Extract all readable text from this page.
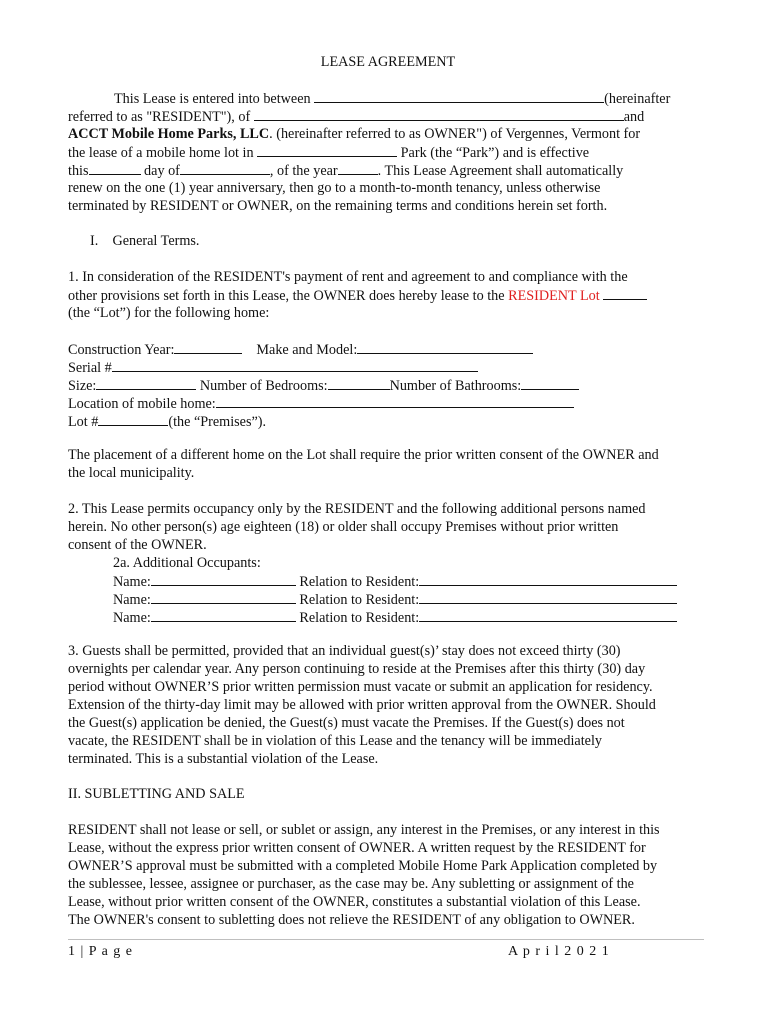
LEASE AGREEMENT
This Lease is entered into between	(hereinafter
referred to as "RESIDENT"), of	and
ACCT Mobile Home Parks, LLC. (hereinafter referred to as OWNER") of Vergennes, Vermont for
the lease of a mobile home lot in	Park (the “Park”) and is effective
this	day of	, of the year	. This Lease Agreement shall automatically
renew on the one (1) year anniversary, then go to a month-to-month tenancy, unless otherwise
terminated by RESIDENT or OWNER, on the remaining terms and conditions herein set forth.
I.    General Terms.
1. In consideration of the RESIDENT's payment of rent and agreement to and compliance with the
other provisions set forth in this Lease, the OWNER does hereby lease to the RESIDENT Lot
(the “Lot”) for the following home:
Construction Year:	Make and Model:
Serial #
Size:	Number of Bedrooms:	Number of Bathrooms:
Location of mobile home:
Lot #	(the “Premises”).
The placement of a different home on the Lot shall require the prior written consent of the OWNER and
the local municipality.
2. This Lease permits occupancy only by the RESIDENT and the following additional persons named
herein. No other person(s) age eighteen (18) or older shall occupy Premises without prior written
consent of the OWNER.
2a. Additional Occupants:
Name:	Relation to Resident:
Name:	Relation to Resident:
Name:	Relation to Resident:
3. Guests shall be permitted, provided that an individual guest(s)’ stay does not exceed thirty (30)
overnights per calendar year. Any person continuing to reside at the Premises after this thirty (30) day
period without OWNER’S prior written permission must vacate or submit an application for residency.
Extension of the thirty-day limit may be allowed with prior written approval from the OWNER. Should
the Guest(s) application be denied, the Guest(s) must vacate the Premises. If the Guest(s) does not
vacate, the RESIDENT shall be in violation of this Lease and the tenancy will be immediately
terminated. This is a substantial violation of the Lease.
II. SUBLETTING AND SALE
RESIDENT shall not lease or sell, or sublet or assign, any interest in the Premises, or any interest in this
Lease, without the express prior written consent of OWNER. A written request by the RESIDENT for
OWNER’S approval must be submitted with a completed Mobile Home Park Application completed by
the sublessee, lessee, assignee or purchaser, as the case may be. Any subletting or assignment of the
Lease, without prior written consent of the OWNER, constitutes a substantial violation of this Lease.
The OWNER's consent to subletting does not relieve the RESIDENT of any obligation to OWNER.
1 | P a g e	A p r i l 2 0 2 1
